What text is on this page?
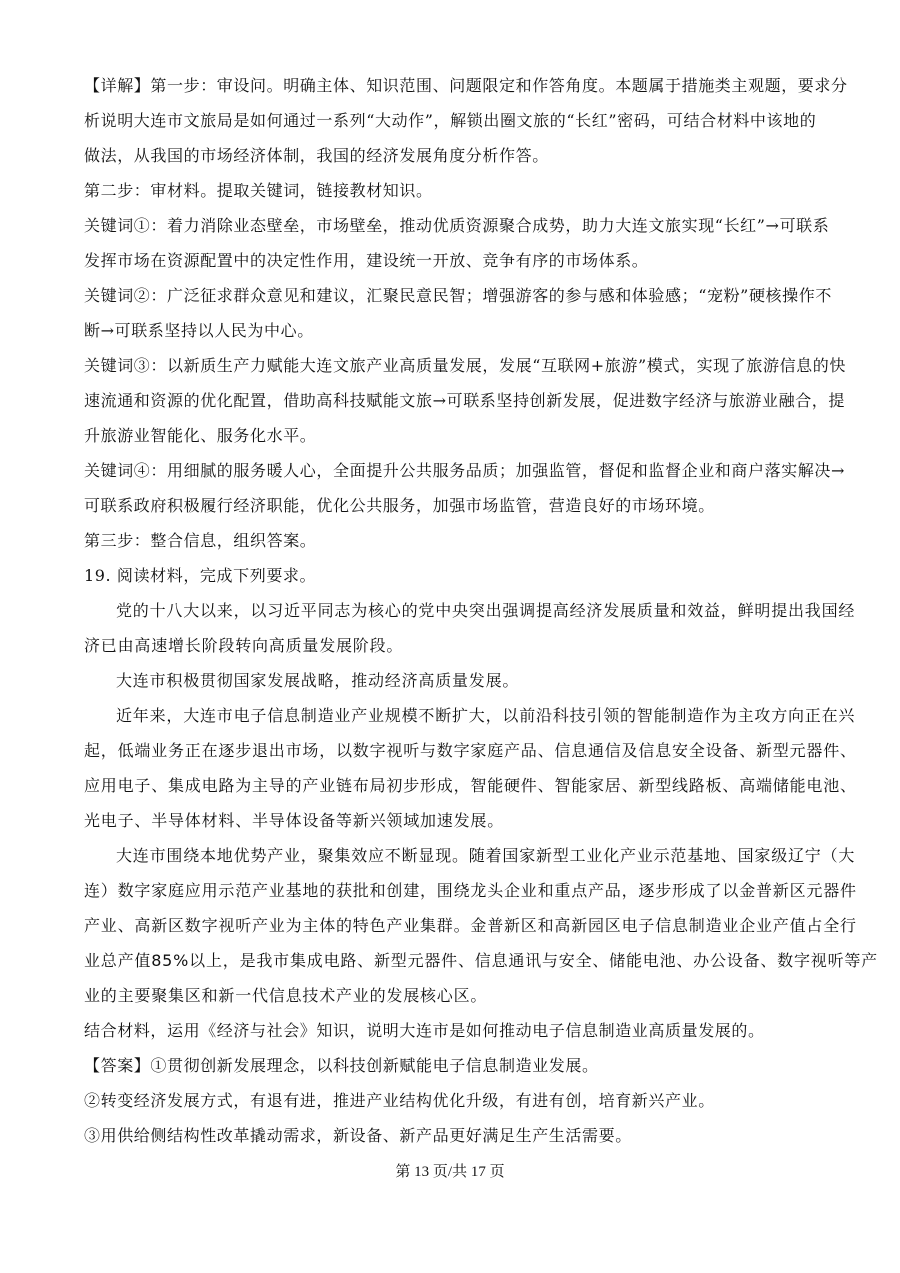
【详解】第一步：审设问。明确主体、知识范围、问题限定和作答角度。本题属于措施类主观题，要求分
析说明大连市文旅局是如何通过一系列“大动作”，解锁出圈文旅的“长红”密码，可结合材料中该地的
做法，从我国的市场经济体制，我国的经济发展角度分析作答。
第二步：审材料。提取关键词，链接教材知识。
关键词①：着力消除业态壁垒，市场壁垒，推动优质资源聚合成势，助力大连文旅实现“长红”→可联系
发挥市场在资源配置中的决定性作用，建设统一开放、竞争有序的市场体系。
关键词②：广泛征求群众意见和建议，汇聚民意民智；增强游客的参与感和体验感；“宠粉”硬核操作不
断→可联系坚持以人民为中心。
关键词③：以新质生产力赋能大连文旅产业高质量发展，发展“互联网+旅游”模式，实现了旅游信息的快
速流通和资源的优化配置，借助高科技赋能文旅→可联系坚持创新发展，促进数字经济与旅游业融合，提
升旅游业智能化、服务化水平。
关键词④：用细腻的服务暖人心，全面提升公共服务品质；加强监管，督促和监督企业和商户落实解决→
可联系政府积极履行经济职能，优化公共服务，加强市场监管，营造良好的市场环境。
第三步：整合信息，组织答案。
19. 阅读材料，完成下列要求。
党的十八大以来，以习近平同志为核心的党中央突出强调提高经济发展质量和效益，鲜明提出我国经
济已由高速增长阶段转向高质量发展阶段。
大连市积极贯彻国家发展战略，推动经济高质量发展。
近年来，大连市电子信息制造业产业规模不断扩大，以前沿科技引领的智能制造作为主攻方向正在兴
起，低端业务正在逐步退出市场，以数字视听与数字家庭产品、信息通信及信息安全设备、新型元器件、
应用电子、集成电路为主导的产业链布局初步形成，智能硬件、智能家居、新型线路板、高端储能电池、
光电子、半导体材料、半导体设备等新兴领域加速发展。
大连市围绕本地优势产业，聚集效应不断显现。随着国家新型工业化产业示范基地、国家级辽宁（大
连）数字家庭应用示范产业基地的获批和创建，围绕龙头企业和重点产品，逐步形成了以金普新区元器件
产业、高新区数字视听产业为主体的特色产业集群。金普新区和高新园区电子信息制造业企业产值占全行
业总产值85%以上，是我市集成电路、新型元器件、信息通讯与安全、储能电池、办公设备、数字视听等产
业的主要聚集区和新一代信息技术产业的发展核心区。
结合材料，运用《经济与社会》知识，说明大连市是如何推动电子信息制造业高质量发展的。
【答案】①贯彻创新发展理念，以科技创新赋能电子信息制造业发展。
②转变经济发展方式，有退有进，推进产业结构优化升级，有进有创，培育新兴产业。
③用供给侧结构性改革撬动需求，新设备、新产品更好满足生产生活需要。
第 13 页/共 17 页
